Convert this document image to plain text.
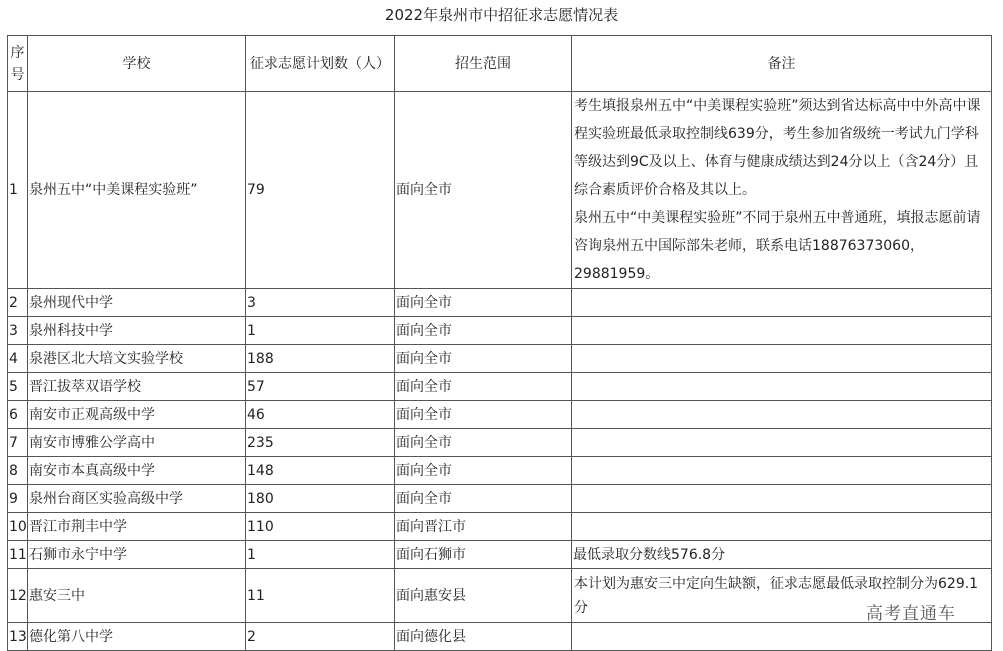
2022年泉州市中招征求志愿情况表
序号	学校	征求志愿计划数（人）	招生范围	备注
1	泉州五中“中美课程实验班”	79	面向全市	考生填报泉州五中“中美课程实验班”须达到省达标高中中外高中课程实验班最低录取控制线639分，考生参加省级统一考试九门学科等级达到9C及以上、体育与健康成绩达到24分以上（含24分）且综合素质评价合格及其以上。
泉州五中“中美课程实验班”不同于泉州五中普通班，填报志愿前请咨询泉州五中国际部朱老师，联系电话18876373060，29881959。

2	泉州现代中学	3	面向全市	
3	泉州科技中学	1	面向全市	
4	泉港区北大培文实验学校	188	面向全市	
5	晋江拔萃双语学校	57	面向全市	
6	南安市正观高级中学	46	面向全市	
7	南安市博雅公学高中	235	面向全市	
8	南安市本真高级中学	148	面向全市	
9	泉州台商区实验高级中学	180	面向全市	
10	晋江市荆丰中学	110	面向晋江市	
11	石狮市永宁中学	1	面向石狮市	最低录取分数线576.8分
12	惠安三中	11	面向惠安县	本计划为惠安三中定向生缺额，征求志愿最低录取控制分为629.1分
13	德化第八中学	2	面向德化县	
高考直通车
